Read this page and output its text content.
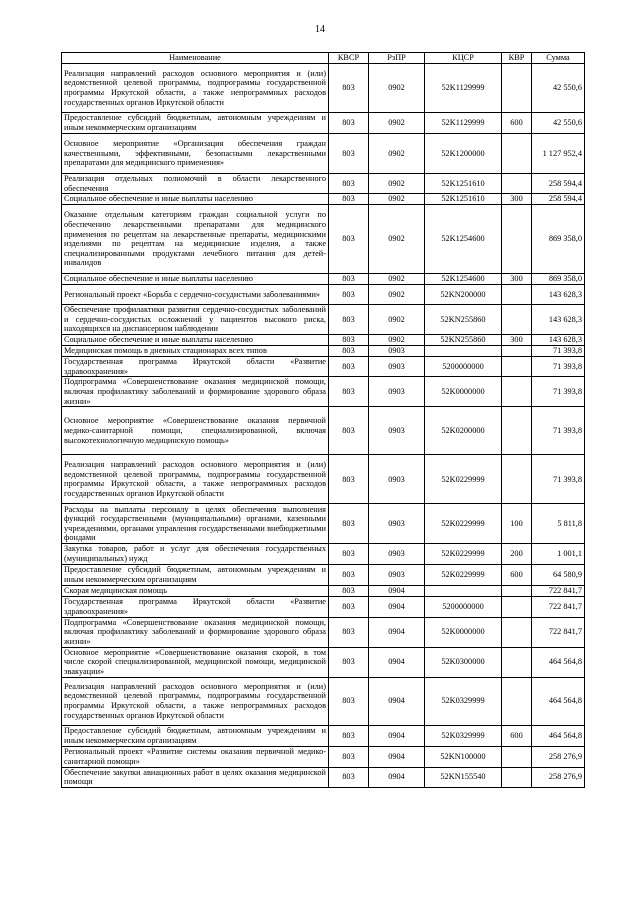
14
Наименование	КВСР	РзПР	КЦСР	КВР	Сумма
Реализация направлений расходов основного мероприятия и (или) ведомственной целевой программы, подпрограммы государственной программы Иркутской области, а также непрограммных расходов государственных органов Иркутской области	803	0902	52K1129999		42 550,6
Предоставление субсидий бюджетным, автономным учреждениям и иным некоммерческим организациям	803	0902	52K1129999	600	42 550,6
Основное мероприятие «Организация обеспечения граждан качественными, эффективными, безопасными лекарственными препаратами для медицинского применения»	803	0902	52K1200000		1 127 952,4
Реализация отдельных полномочий в области лекарственного обеспечения	803	0902	52K1251610		258 594,4
Социальное обеспечение и иные выплаты населению	803	0902	52K1251610	300	258 594,4
Оказание отдельным категориям граждан социальной услуги по обеспечению лекарственными препаратами для медицинского применения по рецептам на лекарственные препараты, медицинскими изделиями по рецептам на медицинские изделия, а также специализированными продуктами лечебного питания для детей-инвалидов	803	0902	52K1254600		869 358,0
Социальное обеспечение и иные выплаты населению	803	0902	52K1254600	300	869 358,0
Региональный проект «Борьба с сердечно-сосудистыми заболеваниями»	803	0902	52KN200000		143 628,3
Обеспечение профилактики развития сердечно-сосудистых заболеваний и сердечно-сосудистых осложнений у пациентов высокого риска, находящихся на диспансерном наблюдении	803	0902	52KN255860		143 628,3
Социальное обеспечение и иные выплаты населению	803	0902	52KN255860	300	143 628,3
Медицинская помощь в дневных стационарах всех типов	803	0903			71 393,8
Государственная программа Иркутской области «Развитие здравоохранения»	803	0903	5200000000		71 393,8
Подпрограмма «Совершенствование оказания медицинской помощи, включая профилактику заболеваний и формирование здорового образа жизни»	803	0903	52K0000000		71 393,8
Основное мероприятие «Совершенствование оказания первичной медико-санитарной помощи, специализированной, включая высокотехнологичную медицинскую помощь»	803	0903	52K0200000		71 393,8
Реализация направлений расходов основного мероприятия и (или) ведомственной целевой программы, подпрограммы государственной программы Иркутской области, а также непрограммных расходов государственных органов Иркутской области	803	0903	52K0229999		71 393,8
Расходы на выплаты персоналу в целях обеспечения выполнения функций государственными (муниципальными) органами, казенными учреждениями, органами управления государственными внебюджетными фондами	803	0903	52K0229999	100	5 811,8
Закупка товаров, работ и услуг для обеспечения государственных (муниципальных) нужд	803	0903	52K0229999	200	1 001,1
Предоставление субсидий бюджетным, автономным учреждениям и иным некоммерческим организациям	803	0903	52K0229999	600	64 580,9
Скорая медицинская помощь	803	0904			722 841,7
Государственная программа Иркутской области «Развитие здравоохранения»	803	0904	5200000000		722 841,7
Подпрограмма «Совершенствование оказания медицинской помощи, включая профилактику заболеваний и формирование здорового образа жизни»	803	0904	52K0000000		722 841,7
Основное мероприятие «Совершенствование оказания скорой, в том числе скорой специализированной, медицинской помощи, медицинской эвакуации»	803	0904	52K0300000		464 564,8
Реализация направлений расходов основного мероприятия и (или) ведомственной целевой программы, подпрограммы государственной программы Иркутской области, а также непрограммных расходов государственных органов Иркутской области	803	0904	52K0329999		464 564,8
Предоставление субсидий бюджетным, автономным учреждениям и иным некоммерческим организациям	803	0904	52K0329999	600	464 564,8
Региональный проект «Развитие системы оказания первичной медико-санитарной помощи»	803	0904	52KN100000		258 276,9
Обеспечение закупки авиационных работ в целях оказания медицинской помощи	803	0904	52KN155540		258 276,9
